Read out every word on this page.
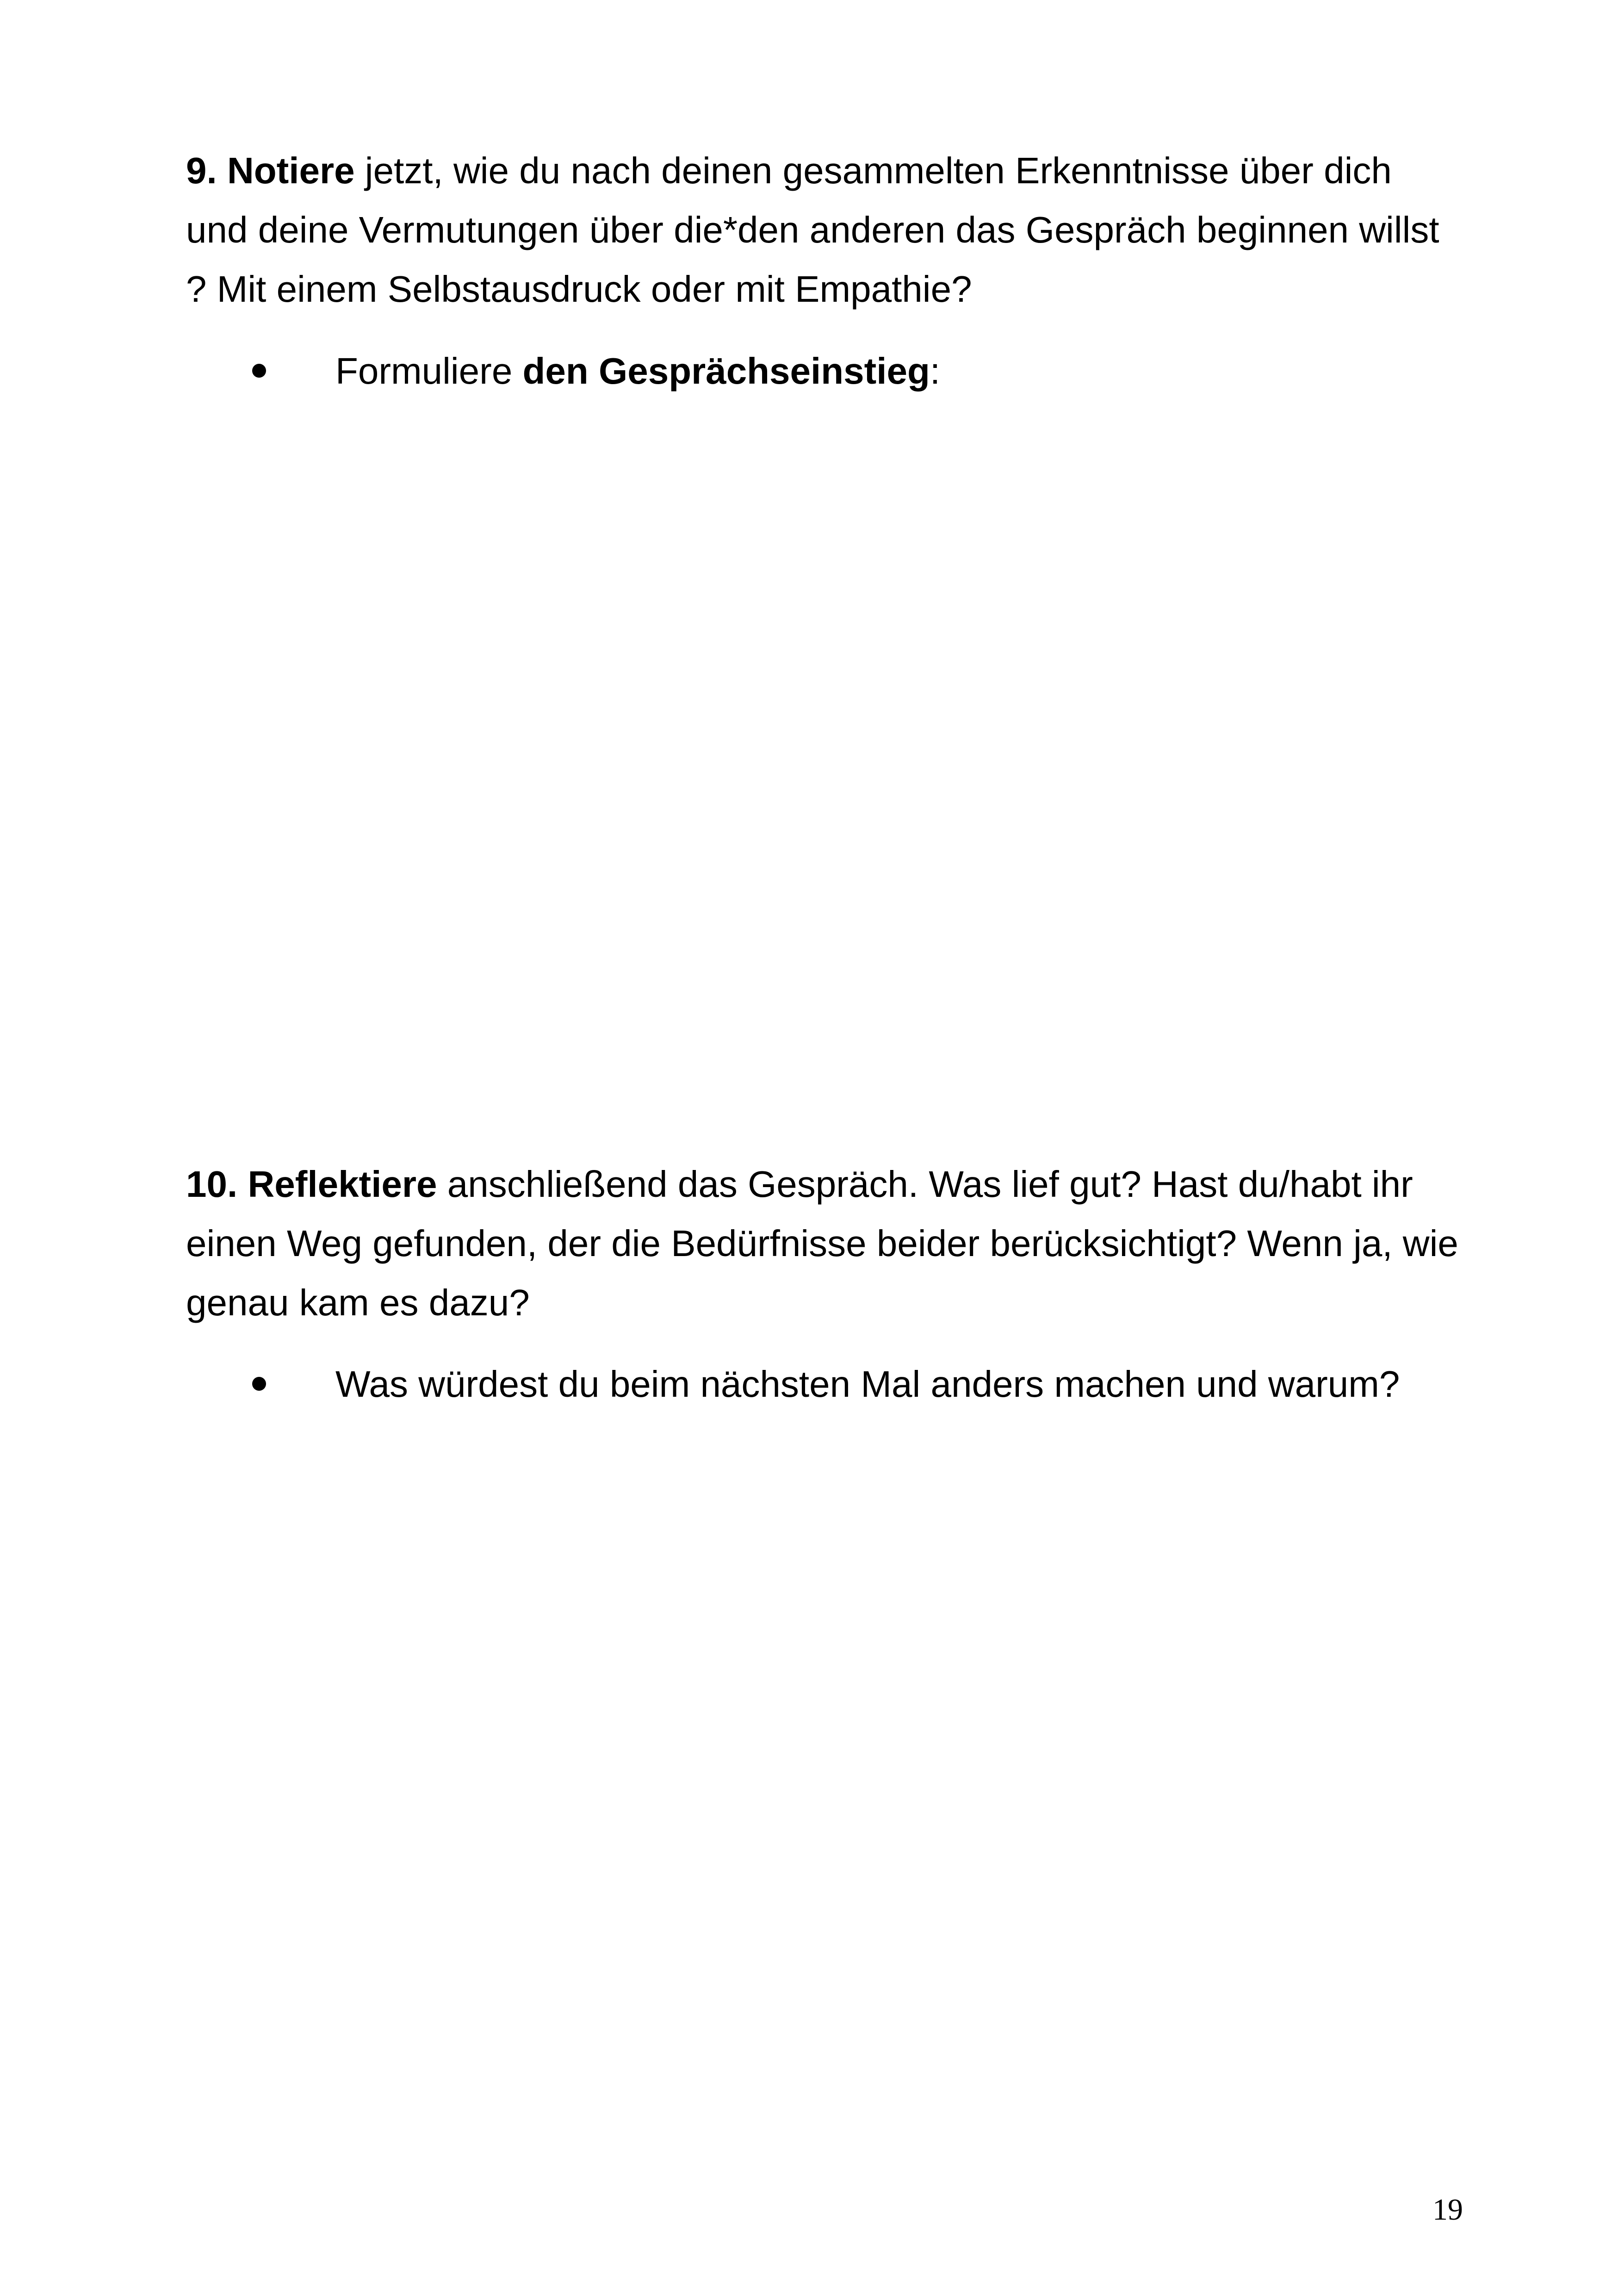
9. Notiere jetzt, wie du nach deinen gesammelten Erkenntnisse über dich und deine Vermutungen über die*den anderen das Gespräch beginnen willst ? Mit einem Selbstausdruck oder mit Empathie?

Formuliere den Gesprächseinstieg:

10. Reflektiere anschließend das Gespräch. Was lief gut? Hast du/habt ihr einen Weg gefunden, der die Bedürfnisse beider berücksichtigt? Wenn ja, wie genau kam es dazu?

Was würdest du beim nächsten Mal anders machen und warum?
19
